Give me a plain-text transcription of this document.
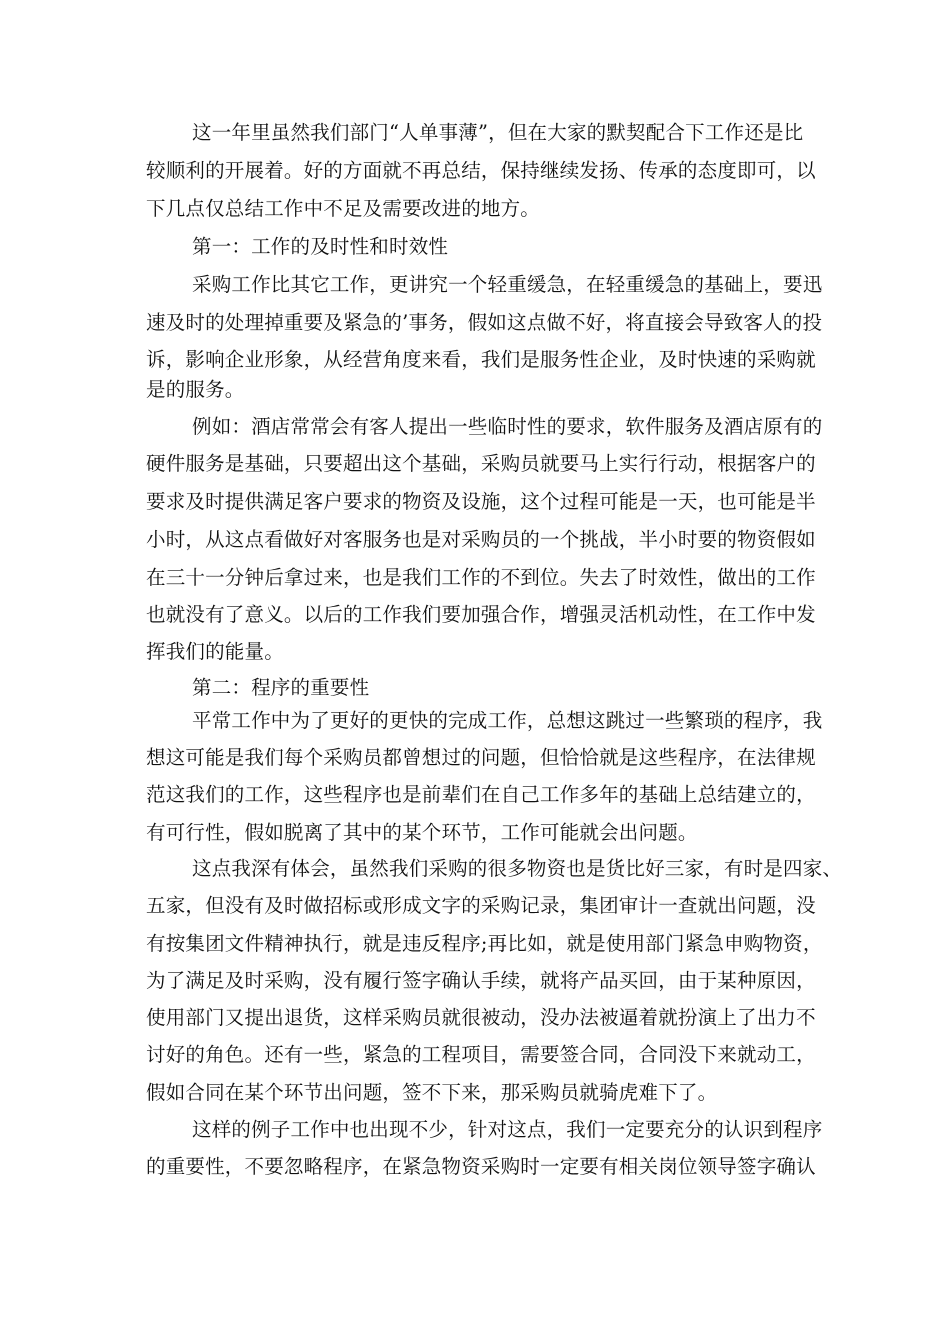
这一年里虽然我们部门“人单事薄”，但在大家的默契配合下工作还是比
较顺利的开展着。好的方面就不再总结，保持继续发扬、传承的态度即可，以
下几点仅总结工作中不足及需要改进的地方。
第一：工作的及时性和时效性
采购工作比其它工作，更讲究一个轻重缓急，在轻重缓急的基础上，要迅
速及时的处理掉重要及紧急的’事务，假如这点做不好，将直接会导致客人的投
诉，影响企业形象，从经营角度来看，我们是服务性企业，及时快速的采购就
是的服务。
例如：酒店常常会有客人提出一些临时性的要求，软件服务及酒店原有的
硬件服务是基础，只要超出这个基础，采购员就要马上实行行动，根据客户的
要求及时提供满足客户要求的物资及设施，这个过程可能是一天，也可能是半
小时，从这点看做好对客服务也是对采购员的一个挑战，半小时要的物资假如
在三十一分钟后拿过来，也是我们工作的不到位。失去了时效性，做出的工作
也就没有了意义。以后的工作我们要加强合作，增强灵活机动性，在工作中发
挥我们的能量。
第二：程序的重要性
平常工作中为了更好的更快的完成工作，总想这跳过一些繁琐的程序，我
想这可能是我们每个采购员都曾想过的问题，但恰恰就是这些程序，在法律规
范这我们的工作，这些程序也是前辈们在自己工作多年的基础上总结建立的，
有可行性，假如脱离了其中的某个环节，工作可能就会出问题。
这点我深有体会，虽然我们采购的很多物资也是货比好三家，有时是四家、
五家，但没有及时做招标或形成文字的采购记录，集团审计一查就出问题，没
有按集团文件精神执行，就是违反程序;再比如，就是使用部门紧急申购物资，
为了满足及时采购，没有履行签字确认手续，就将产品买回，由于某种原因，
使用部门又提出退货，这样采购员就很被动，没办法被逼着就扮演上了出力不
讨好的角色。还有一些，紧急的工程项目，需要签合同，合同没下来就动工，
假如合同在某个环节出问题，签不下来，那采购员就骑虎难下了。
这样的例子工作中也出现不少，针对这点，我们一定要充分的认识到程序
的重要性，不要忽略程序，在紧急物资采购时一定要有相关岗位领导签字确认
